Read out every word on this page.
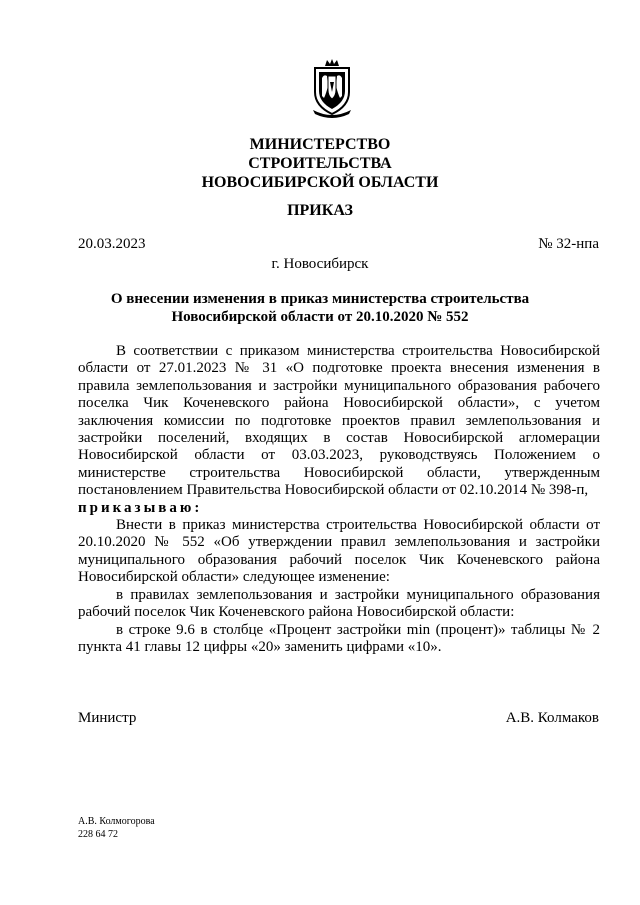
МИНИСТЕРСТВО
СТРОИТЕЛЬСТВА
НОВОСИБИРСКОЙ ОБЛАСТИ
ПРИКАЗ
20.03.2023	№ 32-нпа
г. Новосибирск
О внесении изменения в приказ министерства строительства
Новосибирской области от 20.10.2020 № 552

В соответствии с приказом министерства строительства Новосибирской области от 27.01.2023 № 31 «О подготовке проекта внесения изменения в правила землепользования и застройки муниципального образования рабочего поселка Чик Коченевского района Новосибирской области», с учетом заключения комиссии по подготовке проектов правил землепользования и застройки поселений, входящих в состав Новосибирской агломерации Новосибирской области от 03.03.2023, руководствуясь Положением о министерстве строительства Новосибирской области, утвержденным постановлением Правительства Новосибирской области от 02.10.2014 № 398-п,

приказываю:

Внести в приказ министерства строительства Новосибирской области от 20.10.2020 № 552 «Об утверждении правил землепользования и застройки муниципального образования рабочий поселок Чик Коченевского района Новосибирской области» следующее изменение:

в правилах землепользования и застройки муниципального образования рабочий поселок Чик Коченевского района Новосибирской области:

в строке 9.6 в столбце «Процент застройки min (процент)» таблицы № 2 пункта 41 главы 12 цифры «20» заменить цифрами «10».

Министр	А.В. Колмаков
А.В. Колмогорова
228 64 72
